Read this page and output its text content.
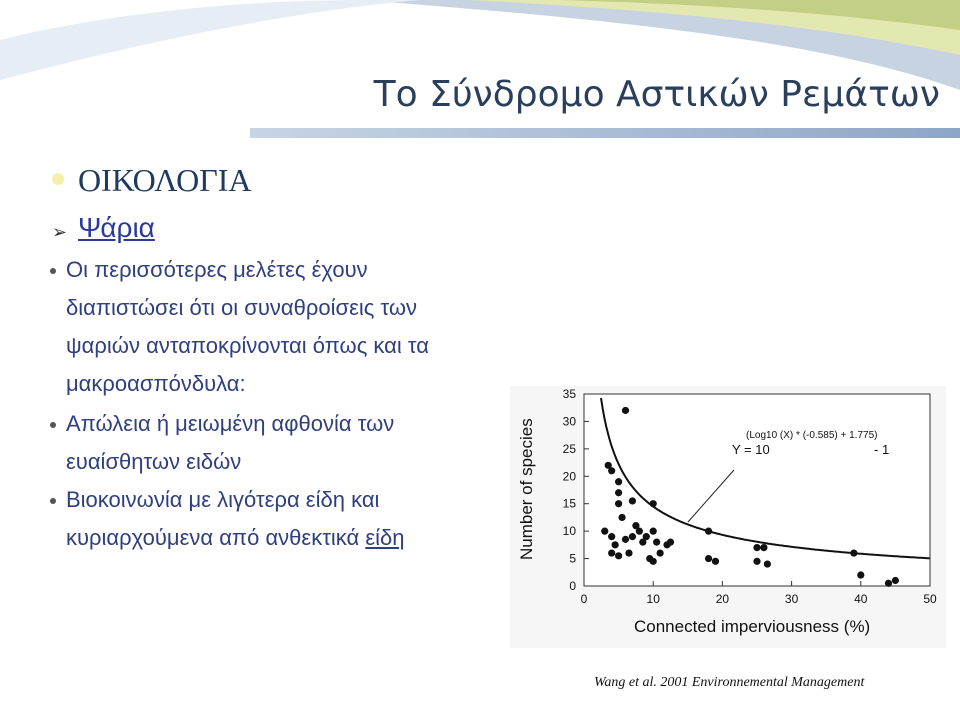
Το Σύνδρομο Αστικών Ρεμάτων
ΟΙΚΟΛΟΓΙΑ
➢ Ψάρια
Οι περισσότερες μελέτες έχουν
διαπιστώσει ότι οι συναθροίσεις των
ψαριών ανταποκρίνονται όπως και τα
μακροασπόνδυλα:
Απώλεια ή μειωμένη αφθονία των
ευαίσθητων ειδών
Βιοκοινωνία με λιγότερα είδη και
κυριαρχούμενα από ανθεκτικά είδη
0
5
10
15
20
25
30
35
0	10	20	30	40	50
(Log10 (X) * (-0.585) + 1.775)
Y = 10	- 1
Connected imperviousness (%)
Number of species
Wang et al. 2001 Environnemental Management
